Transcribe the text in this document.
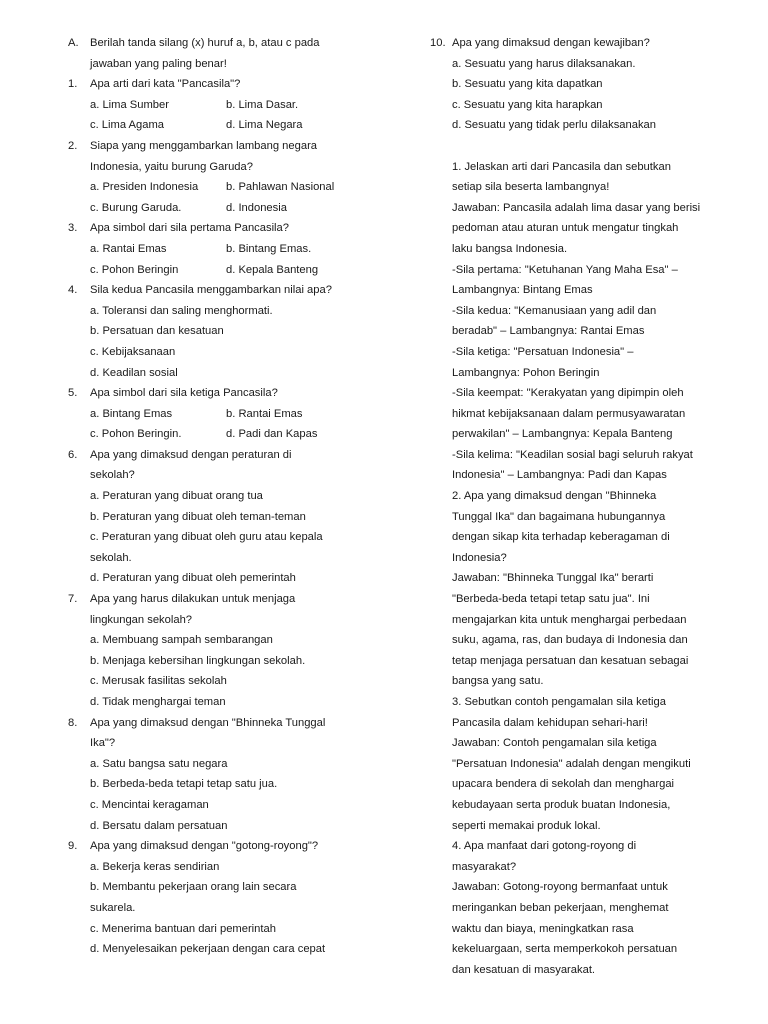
A. Berilah tanda silang (x) huruf a, b, atau c pada
jawaban yang paling benar!
1. Apa arti dari kata "Pancasila"?
a. Lima Sumber	b. Lima Dasar.
c. Lima Agama	d. Lima Negara
2. Siapa yang menggambarkan lambang negara
Indonesia, yaitu burung Garuda?
a. Presiden Indonesia b. Pahlawan Nasional
c. Burung Garuda.	d. Indonesia
3. Apa simbol dari sila pertama Pancasila?
a. Rantai Emas	b. Bintang Emas.
c. Pohon Beringin	d. Kepala Banteng
4. Sila kedua Pancasila menggambarkan nilai apa?
a. Toleransi dan saling menghormati.
b. Persatuan dan kesatuan
c. Kebijaksanaan
d. Keadilan sosial
5. Apa simbol dari sila ketiga Pancasila?
a. Bintang Emas	b. Rantai Emas
c. Pohon Beringin.	d. Padi dan Kapas
6. Apa yang dimaksud dengan peraturan di
sekolah?
a. Peraturan yang dibuat orang tua
b. Peraturan yang dibuat oleh teman-teman
c. Peraturan yang dibuat oleh guru atau kepala
sekolah.
d. Peraturan yang dibuat oleh pemerintah
7. Apa yang harus dilakukan untuk menjaga
lingkungan sekolah?
a. Membuang sampah sembarangan
b. Menjaga kebersihan lingkungan sekolah.
c. Merusak fasilitas sekolah
d. Tidak menghargai teman
8. Apa yang dimaksud dengan "Bhinneka Tunggal
Ika"?
a. Satu bangsa satu negara
b. Berbeda-beda tetapi tetap satu jua.
c. Mencintai keragaman
d. Bersatu dalam persatuan
9. Apa yang dimaksud dengan "gotong-royong"?
a. Bekerja keras sendirian
b. Membantu pekerjaan orang lain secara
sukarela.
c. Menerima bantuan dari pemerintah
d. Menyelesaikan pekerjaan dengan cara cepat
10. Apa yang dimaksud dengan kewajiban?
a. Sesuatu yang harus dilaksanakan.
b. Sesuatu yang kita dapatkan
c. Sesuatu yang kita harapkan
d. Sesuatu yang tidak perlu dilaksanakan
1. Jelaskan arti dari Pancasila dan sebutkan
setiap sila beserta lambangnya!
Jawaban: Pancasila adalah lima dasar yang berisi
pedoman atau aturan untuk mengatur tingkah
laku bangsa Indonesia.
-Sila pertama: "Ketuhanan Yang Maha Esa" –
Lambangnya: Bintang Emas
-Sila kedua: "Kemanusiaan yang adil dan
beradab" – Lambangnya: Rantai Emas
-Sila ketiga: "Persatuan Indonesia" –
Lambangnya: Pohon Beringin
-Sila keempat: "Kerakyatan yang dipimpin oleh
hikmat kebijaksanaan dalam permusyawaratan
perwakilan" – Lambangnya: Kepala Banteng
-Sila kelima: "Keadilan sosial bagi seluruh rakyat
Indonesia" – Lambangnya: Padi dan Kapas
2. Apa yang dimaksud dengan "Bhinneka
Tunggal Ika" dan bagaimana hubungannya
dengan sikap kita terhadap keberagaman di
Indonesia?
Jawaban: "Bhinneka Tunggal Ika" berarti
"Berbeda-beda tetapi tetap satu jua". Ini
mengajarkan kita untuk menghargai perbedaan
suku, agama, ras, dan budaya di Indonesia dan
tetap menjaga persatuan dan kesatuan sebagai
bangsa yang satu.
3. Sebutkan contoh pengamalan sila ketiga
Pancasila dalam kehidupan sehari-hari!
Jawaban: Contoh pengamalan sila ketiga
"Persatuan Indonesia" adalah dengan mengikuti
upacara bendera di sekolah dan menghargai
kebudayaan serta produk buatan Indonesia,
seperti memakai produk lokal.
4. Apa manfaat dari gotong-royong di
masyarakat?
Jawaban: Gotong-royong bermanfaat untuk
meringankan beban pekerjaan, menghemat
waktu dan biaya, meningkatkan rasa
kekeluargaan, serta memperkokoh persatuan
dan kesatuan di masyarakat.
